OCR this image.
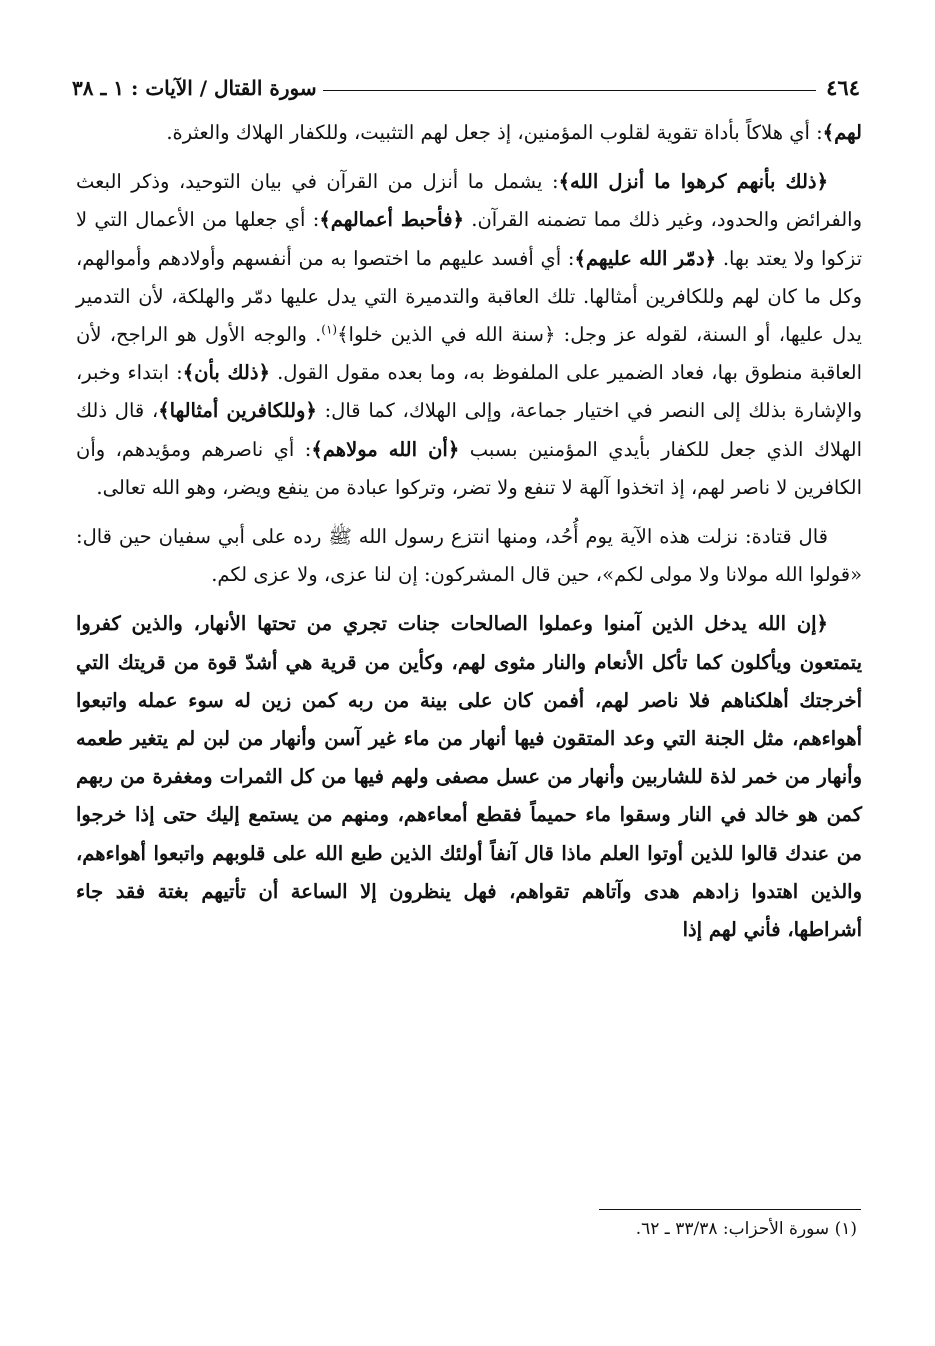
٤٦٤
سورة القتال / الآيات : ١ ـ ٣٨

لهم﴾: أي هلاكاً بأداة تقوية لقلوب المؤمنين، إذ جعل لهم التثبيت، وللكفار الهلاك والعثرة.

﴿ذلك بأنهم كرهوا ما أنزل الله﴾: يشمل ما أنزل من القرآن في بيان التوحيد، وذكر البعث والفرائض والحدود، وغير ذلك مما تضمنه القرآن. ﴿فأحبط أعمالهم﴾: أي جعلها من الأعمال التي لا تزكوا ولا يعتد بها. ﴿دمّر الله عليهم﴾: أي أفسد عليهم ما اختصوا به من أنفسهم وأولادهم وأموالهم، وكل ما كان لهم وللكافرين أمثالها. تلك العاقبة والتدميرة التي يدل عليها دمّر والهلكة، لأن التدمير يدل عليها، أو السنة، لقوله عز وجل: ﴿سنة الله في الذين خلوا﴾$^{(١)}$. والوجه الأول هو الراجح، لأن العاقبة منطوق بها، فعاد الضمير على الملفوظ به، وما بعده مقول القول. ﴿ذلك بأن﴾: ابتداء وخبر، والإشارة بذلك إلى النصر في اختيار جماعة، وإلى الهلاك، كما قال: ﴿وللكافرين أمثالها﴾، قال ذلك الهلاك الذي جعل للكفار بأيدي المؤمنين بسبب ﴿أن الله مولاهم﴾: أي ناصرهم ومؤيدهم، وأن الكافرين لا ناصر لهم، إذ اتخذوا آلهة لا تنفع ولا تضر، وتركوا عبادة من ينفع ويضر، وهو الله تعالى.

قال قتادة: نزلت هذه الآية يوم أُحُد، ومنها انتزع رسول الله ﷺ رده على أبي سفيان حين قال: «قولوا الله مولانا ولا مولى لكم»، حين قال المشركون: إن لنا عزى، ولا عزى لكم.

﴿إن الله يدخل الذين آمنوا وعملوا الصالحات جنات تجري من تحتها الأنهار، والذين كفروا يتمتعون ويأكلون كما تأكل الأنعام والنار مثوى لهم، وكأين من قرية هي أشدّ قوة من قريتك التي أخرجتك أهلكناهم فلا ناصر لهم، أفمن كان على بينة من ربه كمن زين له سوء عمله واتبعوا أهواءهم، مثل الجنة التي وعد المتقون فيها أنهار من ماء غير آسن وأنهار من لبن لم يتغير طعمه وأنهار من خمر لذة للشاربين وأنهار من عسل مصفى ولهم فيها من كل الثمرات ومغفرة من ربهم كمن هو خالد في النار وسقوا ماء حميماً فقطع أمعاءهم، ومنهم من يستمع إليك حتى إذا خرجوا من عندك قالوا للذين أوتوا العلم ماذا قال آنفاً أولئك الذين طبع الله على قلوبهم واتبعوا أهواءهم، والذين اهتدوا زادهم هدى وآتاهم تقواهم، فهل ينظرون إلا الساعة أن تأتيهم بغتة فقد جاء أشراطها، فأني لهم إذا

(١) سورة الأحزاب: ٣٣/٣٨ ـ ٦٢.
